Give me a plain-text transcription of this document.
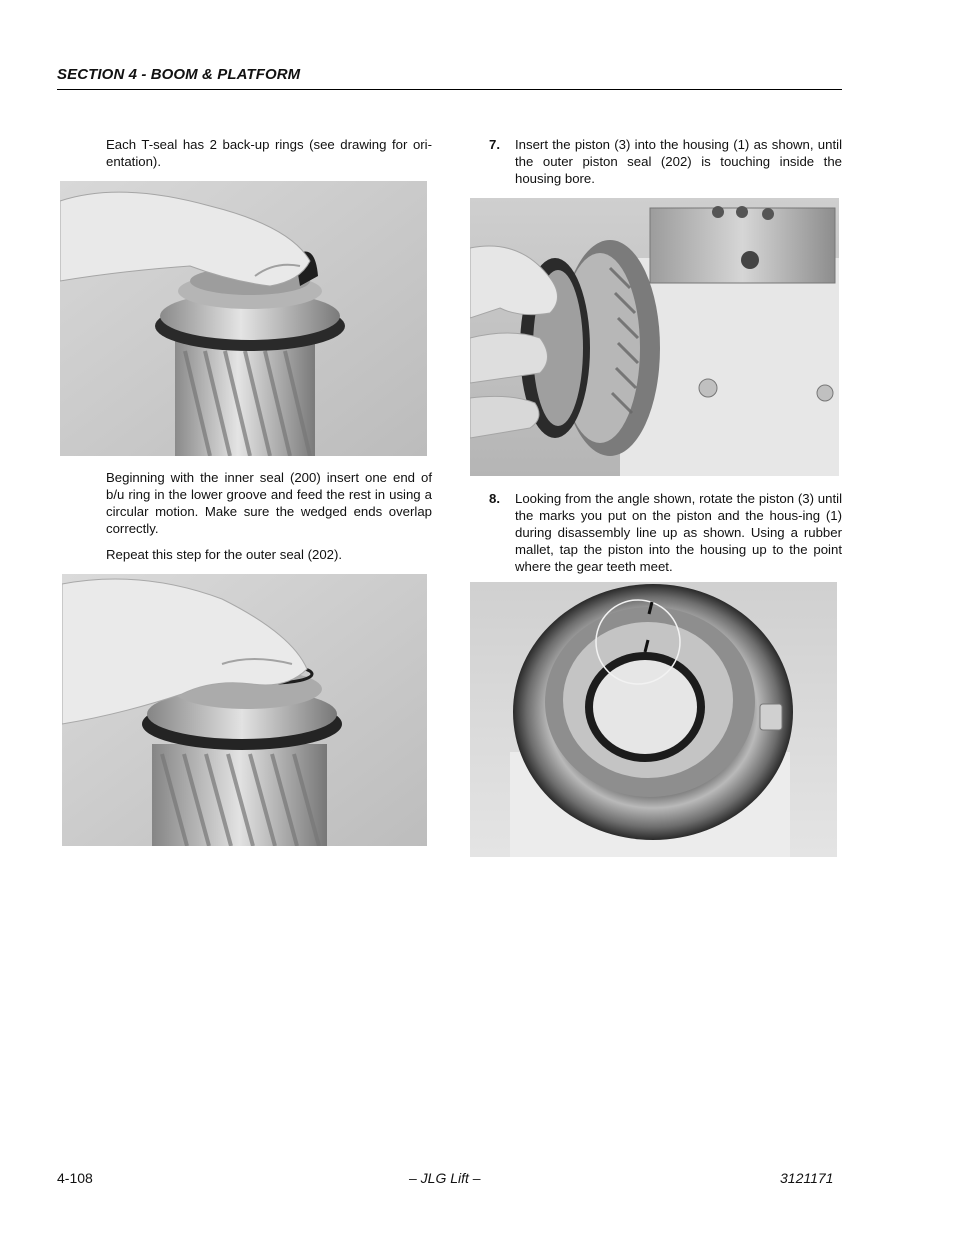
SECTION 4 - BOOM & PLATFORM
Each T-seal has 2 back-up rings (see drawing for ori-entation).
Beginning with the inner seal (200) insert one end of b/u ring in the lower groove and feed the rest in using a circular motion. Make sure the wedged ends overlap correctly.
Repeat this step for the outer seal (202).
7. Insert the piston (3) into the housing (1) as shown, until the outer piston seal (202) is touching inside the housing bore.
8. Looking from the angle shown, rotate the piston (3) until the marks you put on the piston and the hous-ing (1) during disassembly line up as shown. Using a rubber mallet, tap the piston into the housing up to the point where the gear teeth meet.
4-108	– JLG Lift –	3121171
